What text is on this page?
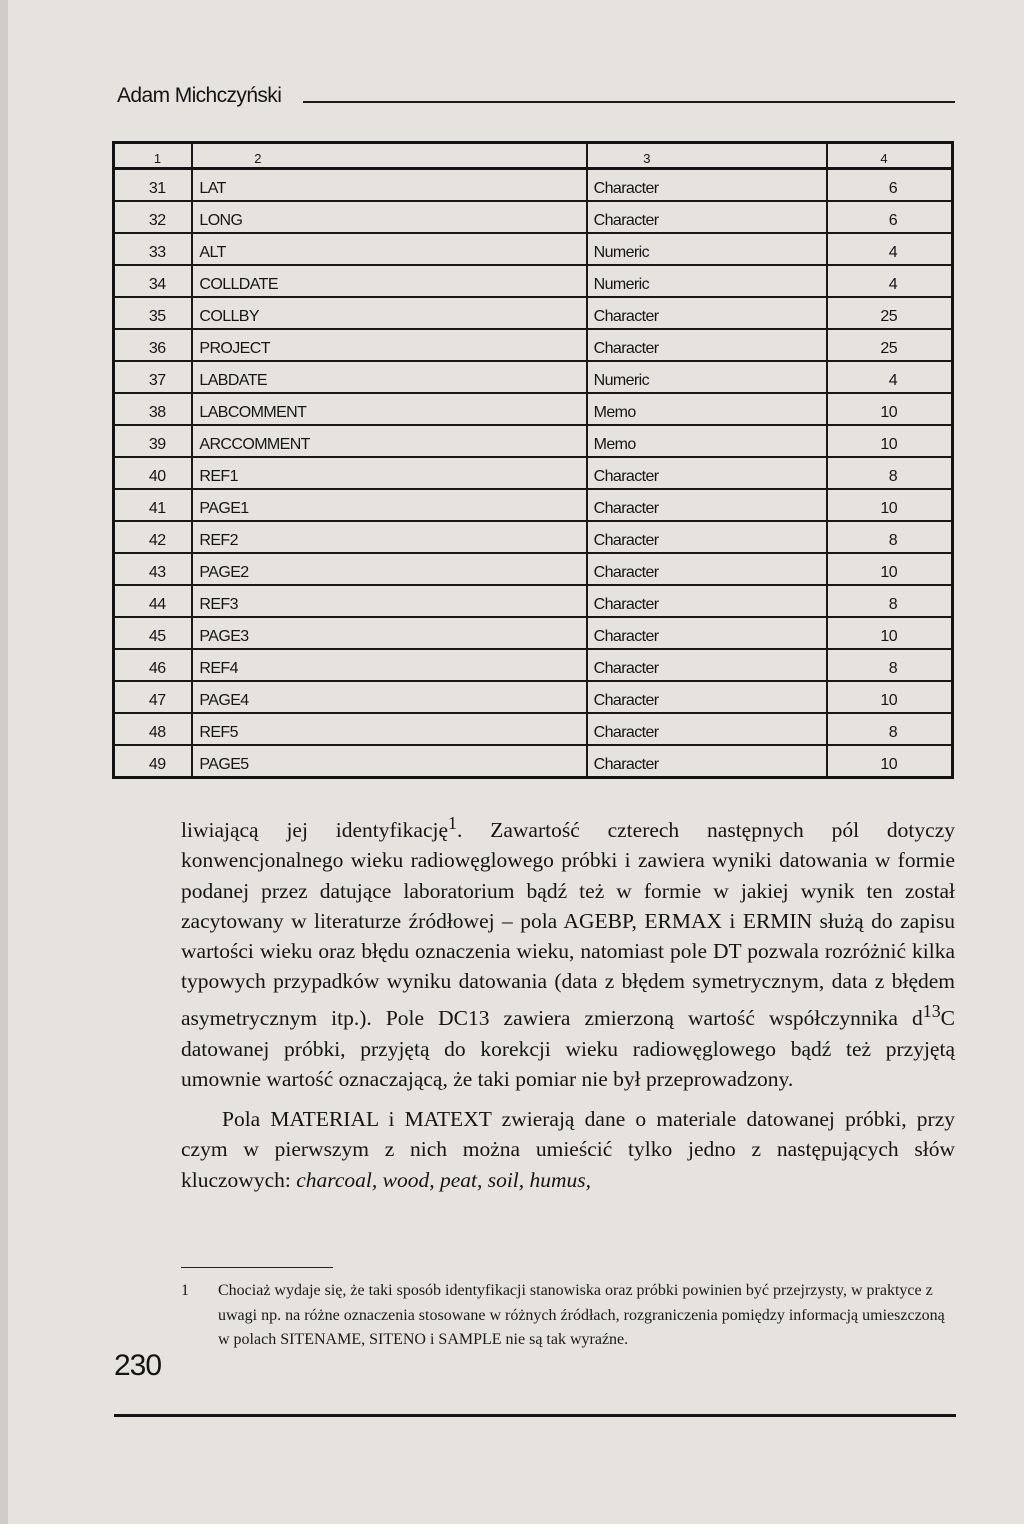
Adam Michczyński
1	2	3	4
31	LAT	Character	6
32	LONG	Character	6
33	ALT	Numeric	4
34	COLLDATE	Numeric	4
35	COLLBY	Character	25
36	PROJECT	Character	25
37	LABDATE	Numeric	4
38	LABCOMMENT	Memo	10
39	ARCCOMMENT	Memo	10
40	REF1	Character	8
41	PAGE1	Character	10
42	REF2	Character	8
43	PAGE2	Character	10
44	REF3	Character	8
45	PAGE3	Character	10
46	REF4	Character	8
47	PAGE4	Character	10
48	REF5	Character	8
49	PAGE5	Character	10

liwiającą jej identyfikację$^1$. Zawartość czterech następnych pól dotyczy konwencjonalnego wieku radiowęglowego próbki i zawiera wyniki datowania w formie podanej przez datujące laboratorium bądź też w formie w jakiej wynik ten został zacytowany w literaturze źródłowej – pola AGEBP, ERMAX i ERMIN służą do zapisu wartości wieku oraz błędu oznaczenia wieku, natomiast pole DT pozwala rozróżnić kilka typowych przypadków wyniku datowania (data z błędem symetrycznym, data z błędem asymetrycznym itp.). Pole DC13 zawiera zmierzoną wartość współczynnika $d^{13}C$ datowanej próbki, przyjętą do korekcji wieku radiowęglowego bądź też przyjętą umownie wartość oznaczającą, że taki pomiar nie był przeprowadzony.

Pola MATERIAL i MATEXT zwierają dane o materiale datowanej próbki, przy czym w pierwszym z nich można umieścić tylko jedno z następujących słów kluczowych: charcoal, wood, peat, soil, humus,

1 Chociaż wydaje się, że taki sposób identyfikacji stanowiska oraz próbki powinien być przejrzysty, w praktyce z uwagi np. na różne oznaczenia stosowane w różnych źródłach, rozgraniczenia pomiędzy informacją umieszczoną w polach SITENAME, SITENO i SAMPLE nie są tak wyraźne.
230
